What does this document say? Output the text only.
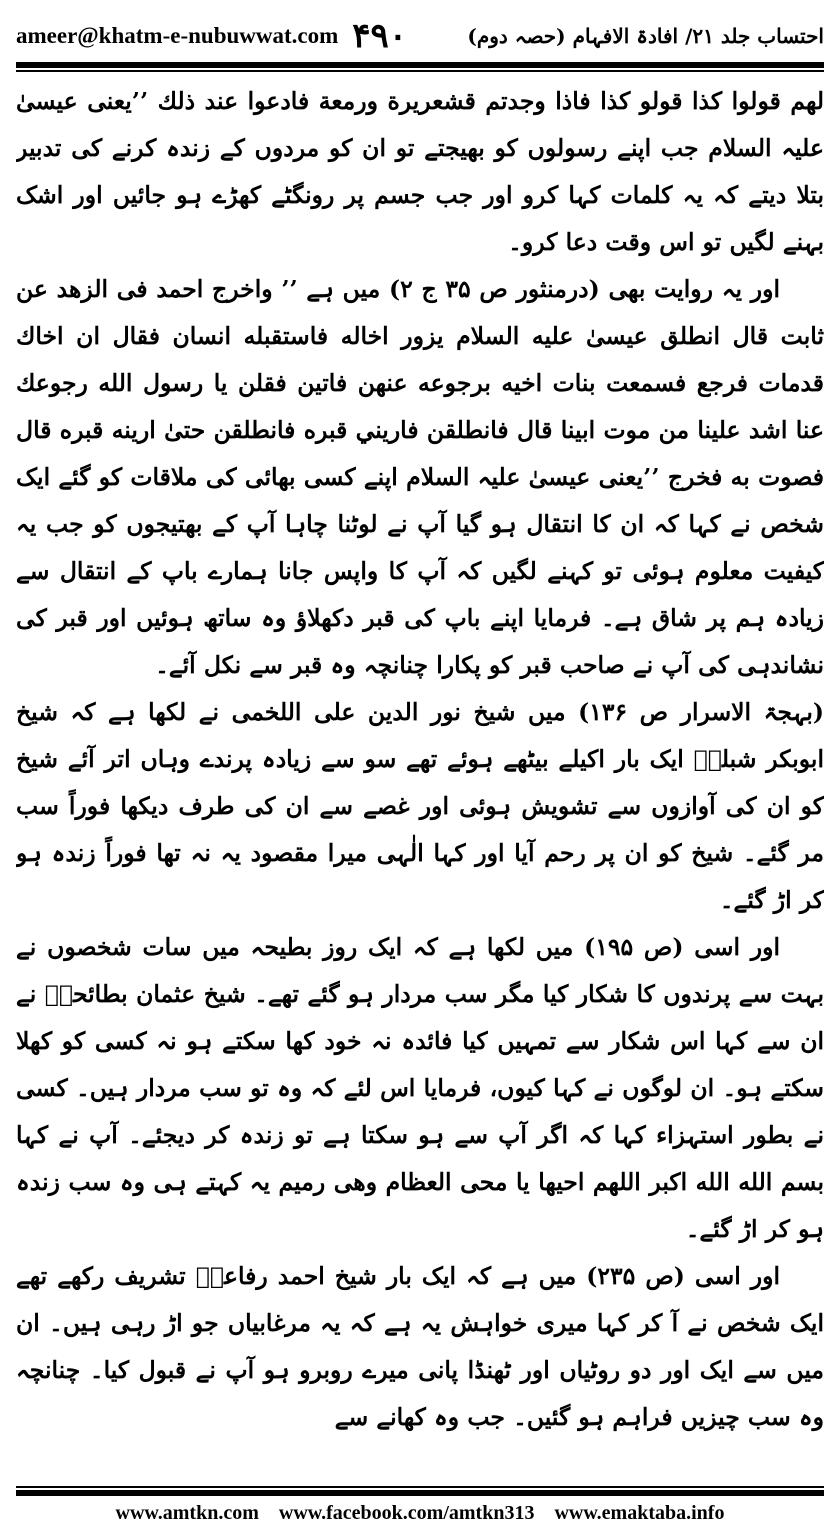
ameer@khatm-e-nubuwwat.com ۴۹۰	احتساب جلد ۲۱/ افادۃ الافہام (حصہ دوم)

لهم قولوا كذا قولو كذا فاذا وجدتم قشعريرة ورمعة فادعوا عند ذلك ’’یعنی عیسیٰ علیہ السلام جب اپنے رسولوں کو بھیجتے تو ان کو مردوں کے زندہ کرنے کی تدبیر بتلا دیتے کہ یہ کلمات کہا کرو اور جب جسم پر رونگٹے کھڑے ہو جائیں اور اشک بہنے لگیں تو اس وقت دعا کرو۔

اور یہ روایت بھی (درمنثور ص ۳۵ ج ۲) میں ہے ’’ واخرج احمد فى الزهد عن ثابت قال انطلق عيسىٰ عليه السلام يزور اخاله فاستقبله انسان فقال ان اخاك قدمات فرجع فسمعت بنات اخيه برجوعه عنهن فاتين فقلن يا رسول الله رجوعك عنا اشد علينا من موت ابينا قال فانطلقن فاريني قبره فانطلقن حتىٰ ارينه قبره قال فصوت به فخرج ’’یعنی عیسیٰ علیہ السلام اپنے کسی بھائی کی ملاقات کو گئے ایک شخص نے کہا کہ ان کا انتقال ہو گیا آپ نے لوٹنا چاہا آپ کے بھتیجوں کو جب یہ کیفیت معلوم ہوئی تو کہنے لگیں کہ آپ کا واپس جانا ہمارے باپ کے انتقال سے زیادہ ہم پر شاق ہے۔ فرمایا اپنے باپ کی قبر دکھلاؤ وہ ساتھ ہوئیں اور قبر کی نشاندہی کی آپ نے صاحب قبر کو پکارا چنانچہ وہ قبر سے نکل آئے۔

(بہجۃ الاسرار ص ۱۳۶) میں شیخ نور الدین علی اللخمی نے لکھا ہے کہ شیخ ابوبکر شبلیؒ ایک بار اکیلے بیٹھے ہوئے تھے سو سے زیادہ پرندے وہاں اتر آئے شیخ کو ان کی آوازوں سے تشویش ہوئی اور غصے سے ان کی طرف دیکھا فوراً سب مر گئے۔ شیخ کو ان پر رحم آیا اور کہا الٰہی میرا مقصود یہ نہ تھا فوراً زندہ ہو کر اڑ گئے۔

اور اسی (ص ۱۹۵) میں لکھا ہے کہ ایک روز بطیحہ میں سات شخصوں نے بہت سے پرندوں کا شکار کیا مگر سب مردار ہو گئے تھے۔ شیخ عثمان بطائحیؒ نے ان سے کہا اس شکار سے تمہیں کیا فائدہ نہ خود کھا سکتے ہو نہ کسی کو کھلا سکتے ہو۔ ان لوگوں نے کہا کیوں، فرمایا اس لئے کہ وہ تو سب مردار ہیں۔ کسی نے بطور استہزاء کہا کہ اگر آپ سے ہو سکتا ہے تو زندہ کر دیجئے۔ آپ نے کہا بسم الله الله اكبر اللهم احيها يا محى العظام وهى رميم یہ کہتے ہی وہ سب زندہ ہو کر اڑ گئے۔

اور اسی (ص ۲۳۵) میں ہے کہ ایک بار شیخ احمد رفاعیؒ تشریف رکھے تھے ایک شخص نے آ کر کہا میری خواہش یہ ہے کہ یہ مرغابیاں جو اڑ رہی ہیں۔ ان میں سے ایک اور دو روٹیاں اور ٹھنڈا پانی میرے روبرو ہو آپ نے قبول کیا۔ چنانچہ وہ سب چیزیں فراہم ہو گئیں۔ جب وہ کھانے سے

www.amtkn.com www.facebook.com/amtkn313 www.emaktaba.info
